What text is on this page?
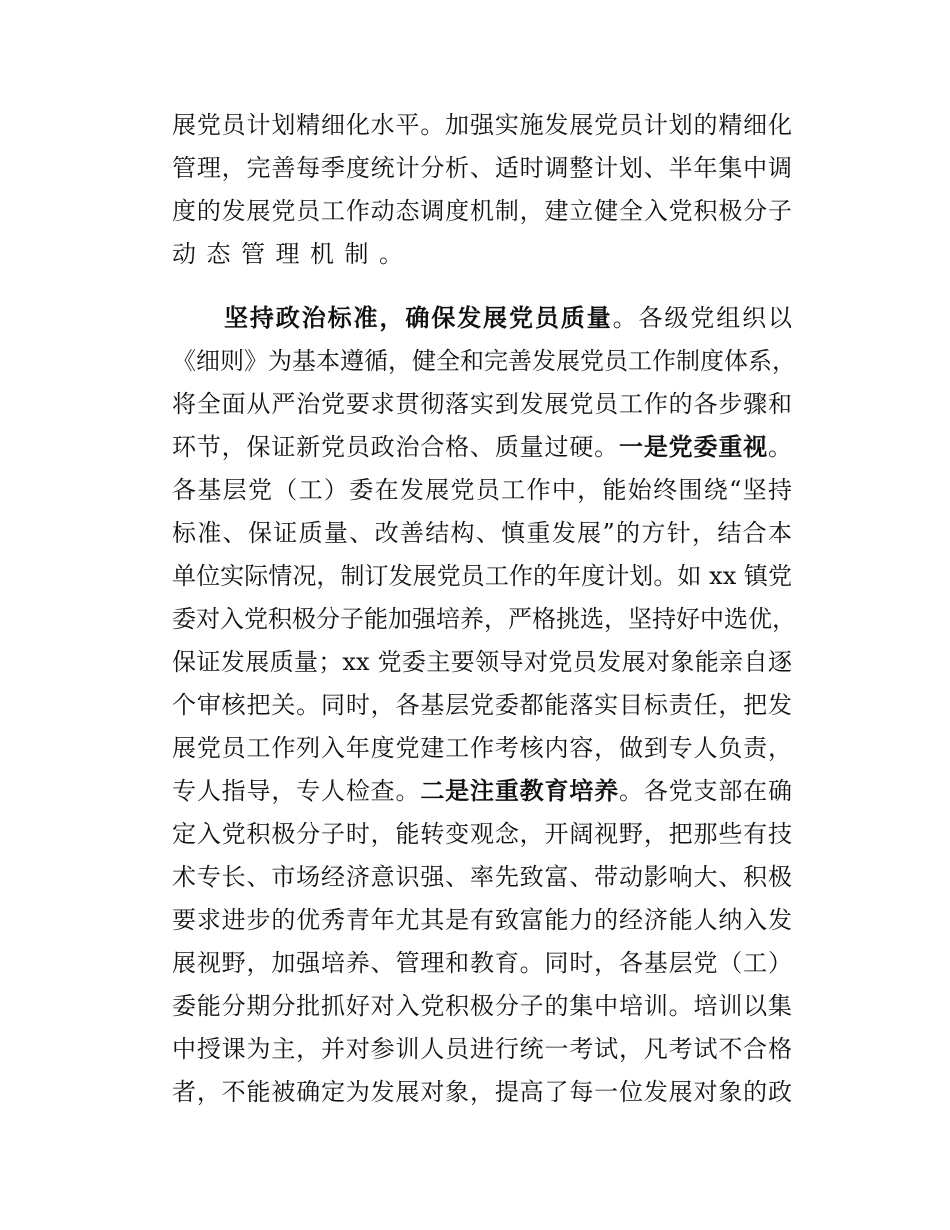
展党员计划精细化水平。加强实施发展党员计划的精细化
管理，完善每季度统计分析、适时调整计划、半年集中调
度的发展党员工作动态调度机制，建立健全入党积极分子
动态管理机制。
坚持政治标准，确保发展党员质量。各级党组织以
《细则》为基本遵循，健全和完善发展党员工作制度体系，
将全面从严治党要求贯彻落实到发展党员工作的各步骤和
环节，保证新党员政治合格、质量过硬。一是党委重视。
各基层党（工）委在发展党员工作中，能始终围绕“坚持
标准、保证质量、改善结构、慎重发展”的方针，结合本
单位实际情况，制订发展党员工作的年度计划。如 xx 镇党
委对入党积极分子能加强培养，严格挑选，坚持好中选优，
保证发展质量；xx 党委主要领导对党员发展对象能亲自逐
个审核把关。同时，各基层党委都能落实目标责任，把发
展党员工作列入年度党建工作考核内容，做到专人负责，
专人指导，专人检查。二是注重教育培养。各党支部在确
定入党积极分子时，能转变观念，开阔视野，把那些有技
术专长、市场经济意识强、率先致富、带动影响大、积极
要求进步的优秀青年尤其是有致富能力的经济能人纳入发
展视野，加强培养、管理和教育。同时，各基层党（工）
委能分期分批抓好对入党积极分子的集中培训。培训以集
中授课为主，并对参训人员进行统一考试，凡考试不合格
者，不能被确定为发展对象，提高了每一位发展对象的政
